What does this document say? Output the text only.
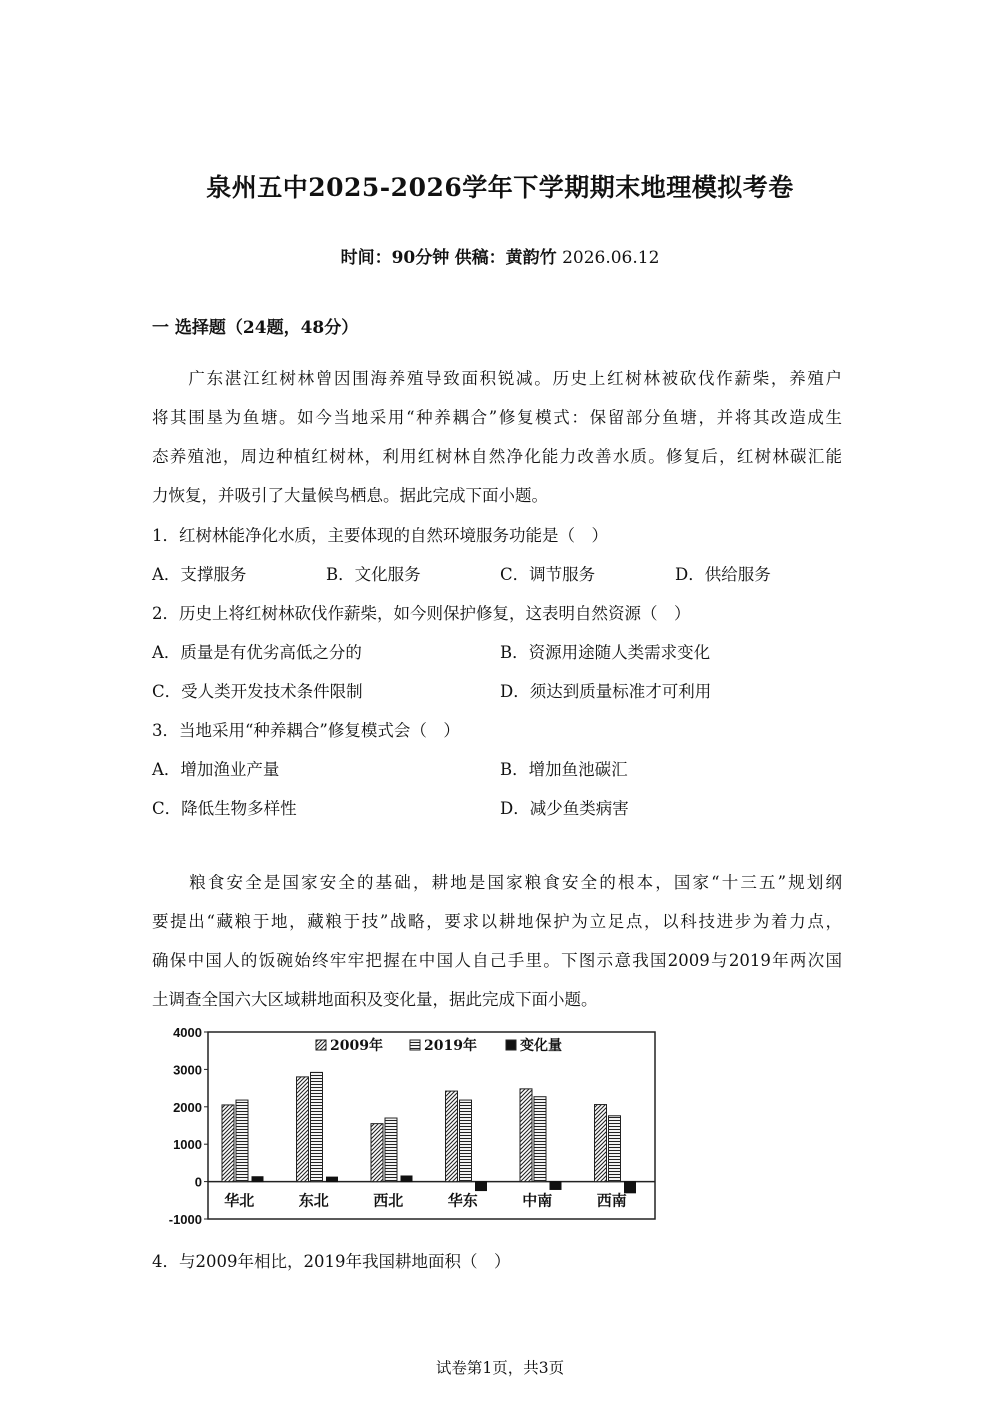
泉州五中2025-2026学年下学期期末地理模拟考卷
时间：90分钟 供稿：黄韵竹 2026.06.12
一 选择题（24题，48分）
　　广东湛江红树林曾因围海养殖导致面积锐减。历史上红树林被砍伐作薪柴，养殖户
将其围垦为鱼塘。如今当地采用“种养耦合”修复模式：保留部分鱼塘，并将其改造成生
态养殖池，周边种植红树林，利用红树林自然净化能力改善水质。修复后，红树林碳汇能
力恢复，并吸引了大量候鸟栖息。据此完成下面小题。
1．红树林能净化水质，主要体现的自然环境服务功能是（　）
A．支撑服务	B．文化服务	C．调节服务	D．供给服务
2．历史上将红树林砍伐作薪柴，如今则保护修复，这表明自然资源（　）
A．质量是有优劣高低之分的	B．资源用途随人类需求变化
C．受人类开发技术条件限制	D．须达到质量标准才可利用
3．当地采用“种养耦合”修复模式会（　）
A．增加渔业产量	B．增加鱼池碳汇
C．降低生物多样性	D．减少鱼类病害
　　粮食安全是国家安全的基础，耕地是国家粮食安全的根本，国家“十三五”规划纲
要提出“藏粮于地，藏粮于技”战略，要求以耕地保护为立足点，以科技进步为着力点，
确保中国人的饭碗始终牢牢把握在中国人自己手里。下图示意我国2009与2019年两次国
土调查全国六大区域耕地面积及变化量，据此完成下面小题。
4000
3000
2000
1000
0
-1000
华北	东北	西北	华东	中南	西南
2009年	2019年	变化量
4．与2009年相比，2019年我国耕地面积（　）
试卷第1页，共3页
